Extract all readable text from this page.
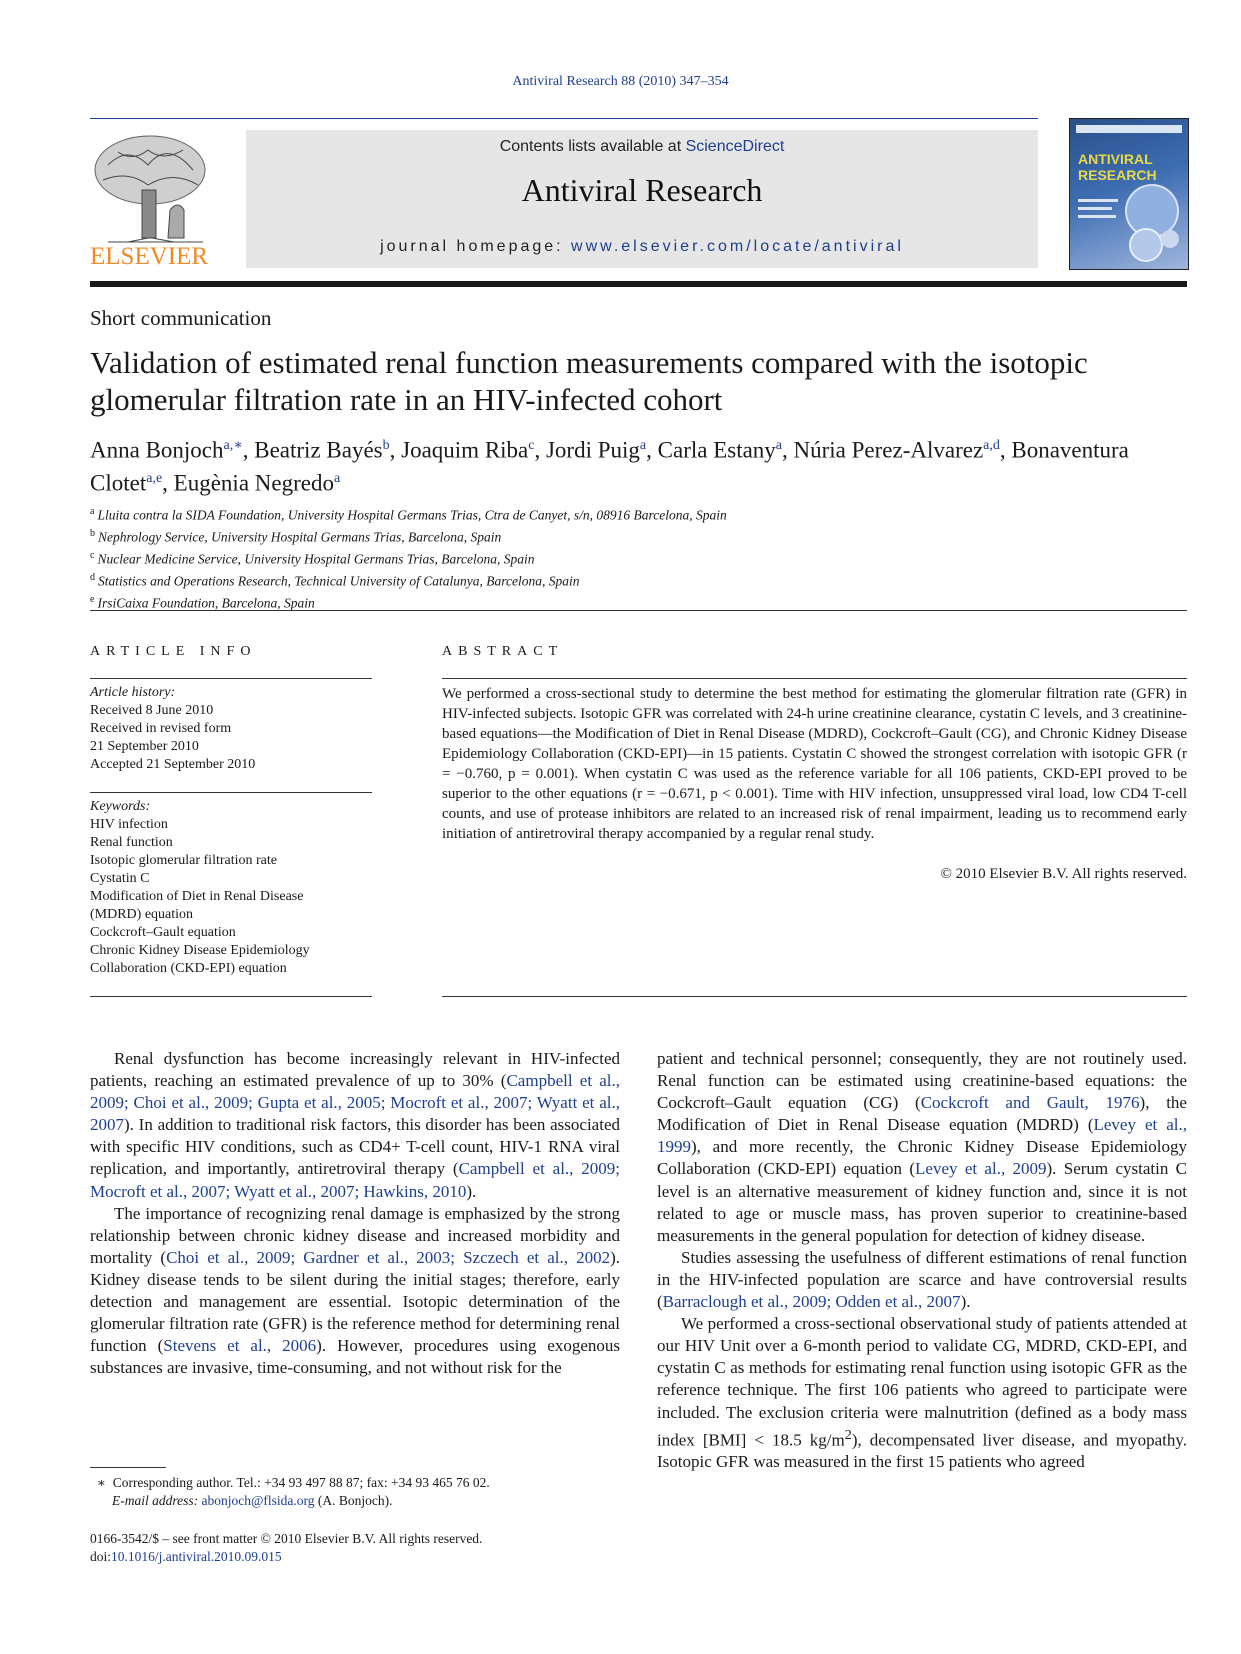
Antiviral Research 88 (2010) 347–354
ELSEVIER
Contents lists available at ScienceDirect
Antiviral Research
journal homepage: www.elsevier.com/locate/antiviral
ANTIVIRAL RESEARCH
Short communication
Validation of estimated renal function measurements compared with the isotopic glomerular filtration rate in an HIV-infected cohort
Anna Bonjoch$^{a,∗}$, Beatriz Bayés$^b$, Joaquim Riba$^c$, Jordi Puig$^a$, Carla Estany$^a$, Núria Perez-Alvarez$^{a,d}$, Bonaventura Clotet$^{a,e}$, Eugènia Negredo$^a$
$^a$ Lluita contra la SIDA Foundation, University Hospital Germans Trias, Ctra de Canyet, s/n, 08916 Barcelona, Spain
$^b$ Nephrology Service, University Hospital Germans Trias, Barcelona, Spain
$^c$ Nuclear Medicine Service, University Hospital Germans Trias, Barcelona, Spain
$^d$ Statistics and Operations Research, Technical University of Catalunya, Barcelona, Spain
$^e$ IrsiCaixa Foundation, Barcelona, Spain
ARTICLE INFO	ABSTRACT
Article history:
Received 8 June 2010
Received in revised form
21 September 2010
Accepted 21 September 2010
Keywords:
HIV infection
Renal function
Isotopic glomerular filtration rate
Cystatin C
Modification of Diet in Renal Disease
(MDRD) equation
Cockcroft–Gault equation
Chronic Kidney Disease Epidemiology
Collaboration (CKD-EPI) equation
We performed a cross-sectional study to determine the best method for estimating the glomerular filtration rate (GFR) in HIV-infected subjects. Isotopic GFR was correlated with 24-h urine creatinine clearance, cystatin C levels, and 3 creatinine-based equations—the Modification of Diet in Renal Disease (MDRD), Cockcroft–Gault (CG), and Chronic Kidney Disease Epidemiology Collaboration (CKD-EPI)—in 15 patients. Cystatin C showed the strongest correlation with isotopic GFR (r = −0.760, p = 0.001). When cystatin C was used as the reference variable for all 106 patients, CKD-EPI proved to be superior to the other equations (r = −0.671, p < 0.001). Time with HIV infection, unsuppressed viral load, low CD4 T-cell counts, and use of protease inhibitors are related to an increased risk of renal impairment, leading us to recommend early initiation of antiretroviral therapy accompanied by a regular renal study.
© 2010 Elsevier B.V. All rights reserved.

Renal dysfunction has become increasingly relevant in HIV-infected patients, reaching an estimated prevalence of up to 30% (Campbell et al., 2009; Choi et al., 2009; Gupta et al., 2005; Mocroft et al., 2007; Wyatt et al., 2007). In addition to traditional risk factors, this disorder has been associated with specific HIV conditions, such as CD4+ T-cell count, HIV-1 RNA viral replication, and importantly, antiretroviral therapy (Campbell et al., 2009; Mocroft et al., 2007; Wyatt et al., 2007; Hawkins, 2010).

The importance of recognizing renal damage is emphasized by the strong relationship between chronic kidney disease and increased morbidity and mortality (Choi et al., 2009; Gardner et al., 2003; Szczech et al., 2002). Kidney disease tends to be silent during the initial stages; therefore, early detection and management are essential. Isotopic determination of the glomerular filtration rate (GFR) is the reference method for determining renal function (Stevens et al., 2006). However, procedures using exogenous substances are invasive, time-consuming, and not without risk for the

patient and technical personnel; consequently, they are not routinely used. Renal function can be estimated using creatinine-based equations: the Cockcroft–Gault equation (CG) (Cockcroft and Gault, 1976), the Modification of Diet in Renal Disease equation (MDRD) (Levey et al., 1999), and more recently, the Chronic Kidney Disease Epidemiology Collaboration (CKD-EPI) equation (Levey et al., 2009). Serum cystatin C level is an alternative measurement of kidney function and, since it is not related to age or muscle mass, has proven superior to creatinine-based measurements in the general population for detection of kidney disease.

Studies assessing the usefulness of different estimations of renal function in the HIV-infected population are scarce and have controversial results (Barraclough et al., 2009; Odden et al., 2007).

We performed a cross-sectional observational study of patients attended at our HIV Unit over a 6-month period to validate CG, MDRD, CKD-EPI, and cystatin C as methods for estimating renal function using isotopic GFR as the reference technique. The first 106 patients who agreed to participate were included. The exclusion criteria were malnutrition (defined as a body mass index [BMI] < 18.5 $kg/m^2$), decompensated liver disease, and myopathy. Isotopic GFR was measured in the first 15 patients who agreed

∗ Corresponding author. Tel.: +34 93 497 88 87; fax: +34 93 465 76 02.
E-mail address: abonjoch@flsida.org (A. Bonjoch).
0166-3542/$ – see front matter © 2010 Elsevier B.V. All rights reserved.
doi:10.1016/j.antiviral.2010.09.015
